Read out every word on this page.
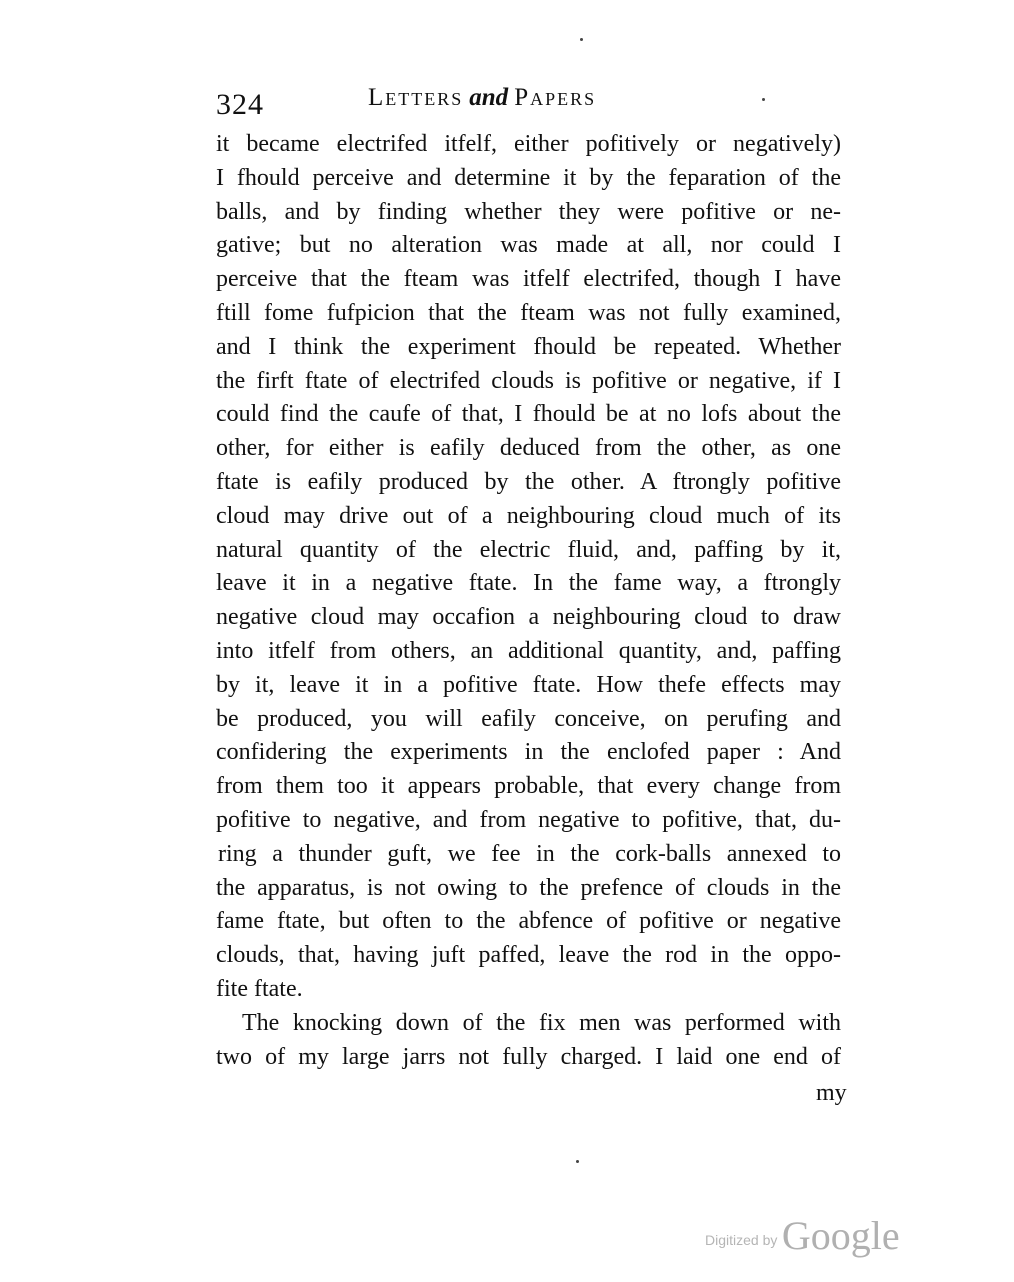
324	Letters and Papers
it became electrifed itfelf, either pofitively or negatively)
I fhould perceive and determine it by the feparation of the
balls, and by finding whether they were pofitive or ne-
gative; but no alteration was made at all, nor could I
perceive that the fteam was itfelf electrifed, though I have
ftill fome fufpicion that the fteam was not fully examined,
and I think the experiment fhould be repeated. Whether
the firft ftate of electrifed clouds is pofitive or negative, if I
could find the caufe of that, I fhould be at no lofs about the
other, for either is eafily deduced from the other, as one
ftate is eafily produced by the other. A ftrongly pofitive
cloud may drive out of a neighbouring cloud much of its
natural quantity of the electric fluid, and, paffing by it,
leave it in a negative ftate. In the fame way, a ftrongly
negative cloud may occafion a neighbouring cloud to draw
into itfelf from others, an additional quantity, and, paffing
by it, leave it in a pofitive ftate. How thefe effects may
be produced, you will eafily conceive, on perufing and
confidering the experiments in the enclofed paper : And
from them too it appears probable, that every change from
pofitive to negative, and from negative to pofitive, that, du-
ring a thunder guft, we fee in the cork-balls annexed to
the apparatus, is not owing to the prefence of clouds in the
fame ftate, but often to the abfence of pofitive or negative
clouds, that, having juft paffed, leave the rod in the oppo-
fite ftate.
The knocking down of the fix men was performed with
two of my large jarrs not fully charged. I laid one end of
my
Digitized by Google
